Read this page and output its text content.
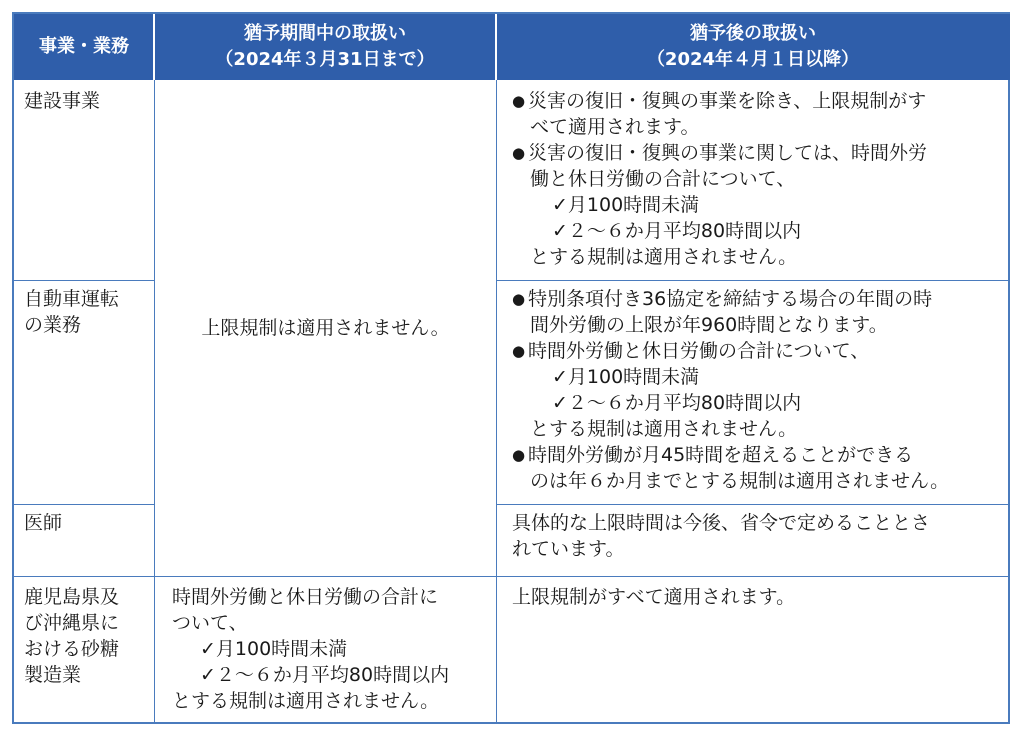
事業・業務
猶予期間中の取扱い
（2024年３月31日まで）
猶予後の取扱い
（2024年４月１日以降）
建設事業
●	災害の復旧・復興の事業を除き、上限規制がす
べて適用されます。
● 災害の復旧・復興の事業に関しては、時間外労
働と休日労働の合計について、
✓月100時間未満
✓２～６か月平均80時間以内
とする規制は適用されません。
上限規制は適用されません。
自動車運転
の業務
● 特別条項付き36協定を締結する場合の年間の時
間外労働の上限が年960時間となります。
● 時間外労働と休日労働の合計について、
✓月100時間未満
✓２～６か月平均80時間以内
とする規制は適用されません。
● 時間外労働が月45時間を超えることができる
のは年６か月までとする規制は適用されません。
医師	具体的な上限時間は今後、省令で定めることとさ
れています。
鹿児島県及
び沖縄県に
おける砂糖
製造業
時間外労働と休日労働の合計に
ついて、
✓月100時間未満
✓２～６か月平均80時間以内
とする規制は適用されません。
上限規制がすべて適用されます。
